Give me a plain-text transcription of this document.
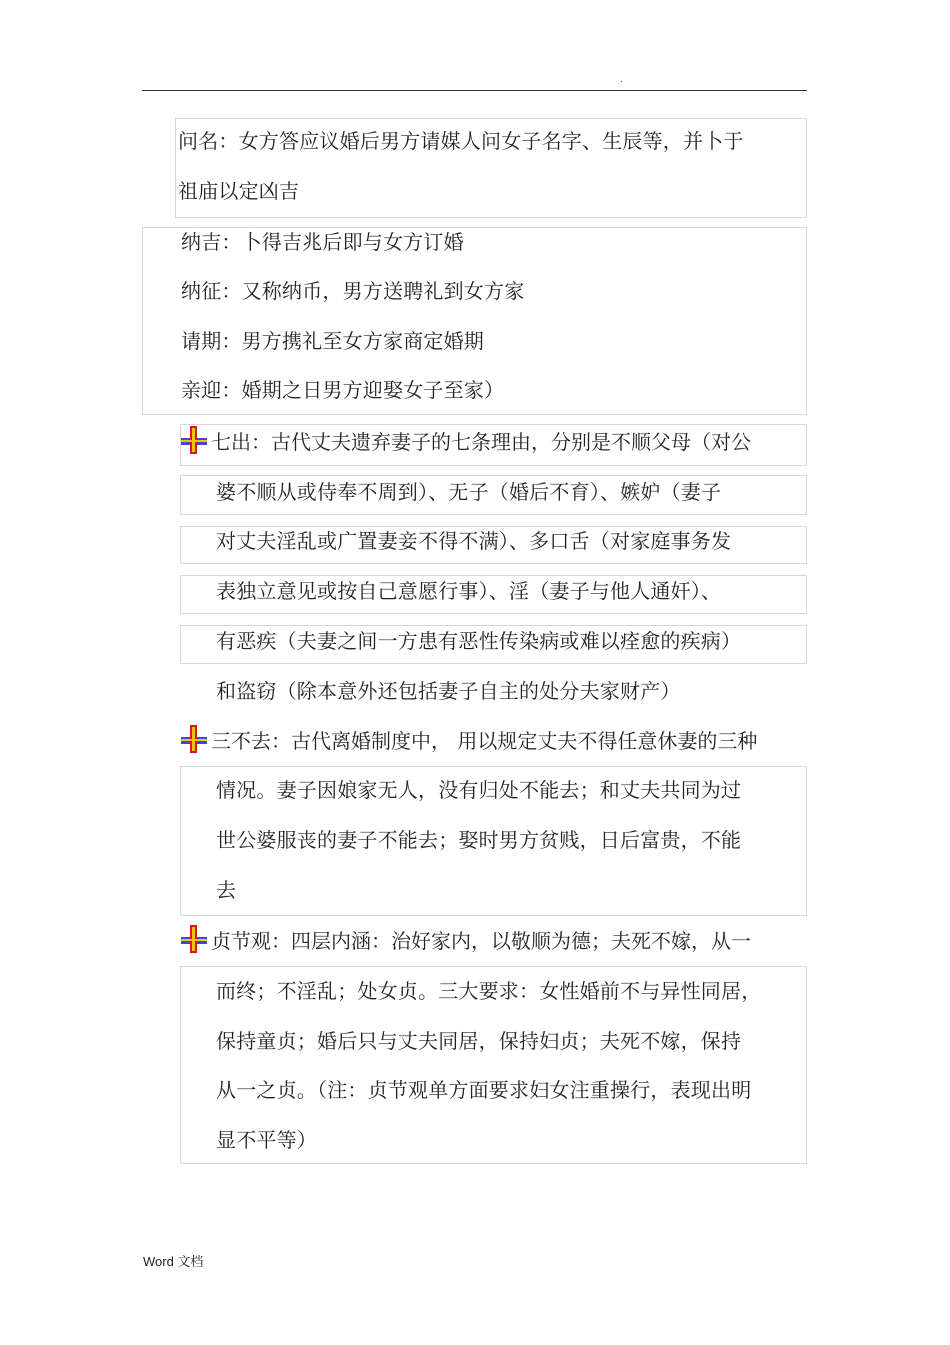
.
问名：女方答应议婚后男方请媒人问女子名字、生辰等，并卜于
祖庙以定凶吉
纳吉：卜得吉兆后即与女方订婚
纳征：又称纳币，男方送聘礼到女方家
请期：男方携礼至女方家商定婚期
亲迎：婚期之日男方迎娶女子至家）
七出：古代丈夫遗弃妻子的七条理由，分别是不顺父母（对公
婆不顺从或侍奉不周到）、无子（婚后不育）、嫉妒（妻子
对丈夫淫乱或广置妻妾不得不满）、多口舌（对家庭事务发
表独立意见或按自己意愿行事）、淫（妻子与他人通奸）、
有恶疾（夫妻之间一方患有恶性传染病或难以痊愈的疾病）
和盗窃（除本意外还包括妻子自主的处分夫家财产）
三不去：古代离婚制度中， 用以规定丈夫不得任意休妻的三种
情况。妻子因娘家无人，没有归处不能去；和丈夫共同为过
世公婆服丧的妻子不能去；娶时男方贫贱，日后富贵，不能
去
贞节观：四层内涵：治好家内，以敬顺为德；夫死不嫁，从一
而终；不淫乱；处女贞。三大要求：女性婚前不与异性同居，
保持童贞；婚后只与丈夫同居，保持妇贞；夫死不嫁，保持
从一之贞。（注：贞节观单方面要求妇女注重操行，表现出明
显不平等）
Word 文档
